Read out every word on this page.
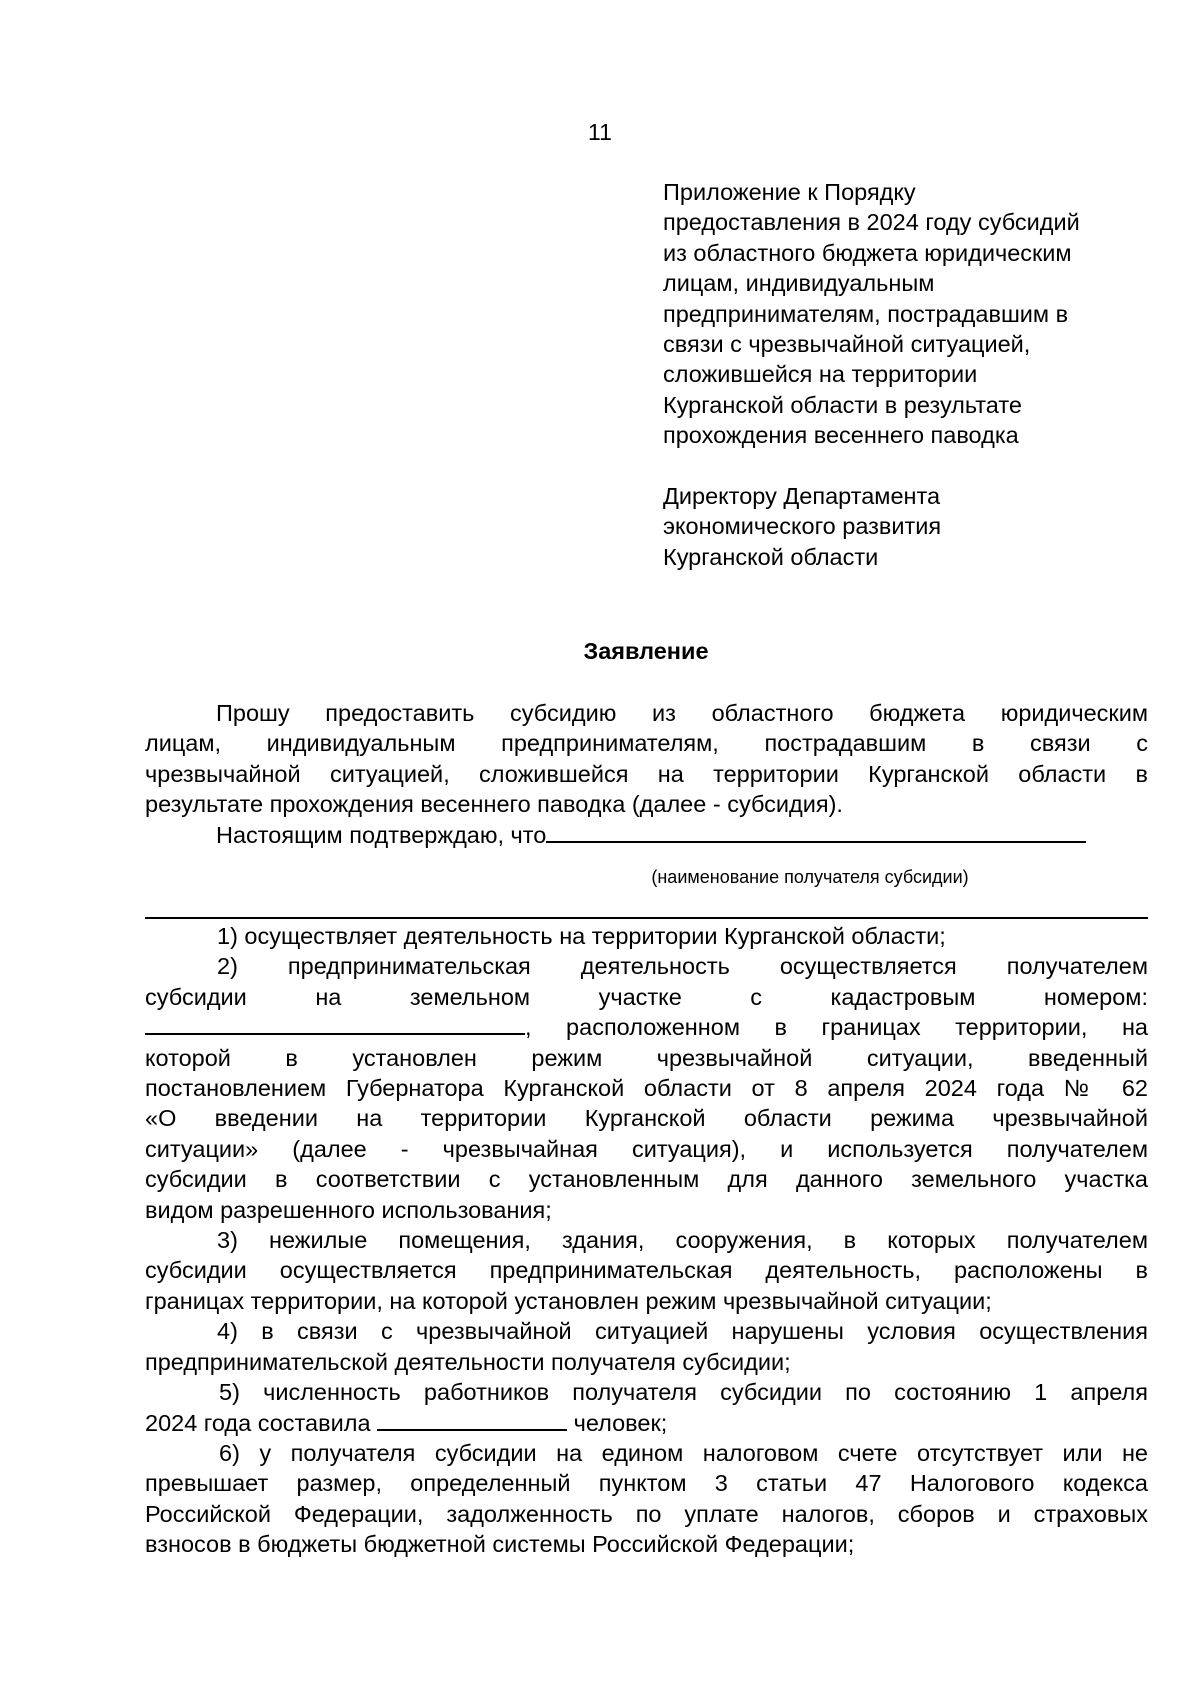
11
Приложение к Порядку
предоставления в 2024 году субсидий
из областного бюджета юридическим
лицам, индивидуальным
предпринимателям, пострадавшим в
связи с чрезвычайной ситуацией,
сложившейся на территории
Курганской области в результате
прохождения весеннего паводка
Директору Департамента
экономического развития
Курганской области
Заявление
Прошу предоставить субсидию из областного бюджета юридическим
лицам, индивидуальным предпринимателям, пострадавшим в связи с
чрезвычайной ситуацией, сложившейся на территории Курганской области в
результате прохождения весеннего паводка (далее - субсидия).
Настоящим подтверждаю, что
(наименование получателя субсидии)
1) осуществляет деятельность на территории Курганской области;
2) предпринимательская деятельность осуществляется получателем
субсидии на земельном участке с кадастровым номером:
, расположенном в границах территории, на
которой в установлен режим чрезвычайной ситуации, введенный
постановлением Губернатора Курганской области от 8 апреля 2024 года № 62
«О введении на территории Курганской области режима чрезвычайной
ситуации» (далее - чрезвычайная ситуация), и используется получателем
субсидии в соответствии с установленным для данного земельного участка
видом разрешенного использования;
3) нежилые помещения, здания, сооружения, в которых получателем
субсидии осуществляется предпринимательская деятельность, расположены в
границах территории, на которой установлен режим чрезвычайной ситуации;
4) в связи с чрезвычайной ситуацией нарушены условия осуществления
предпринимательской деятельности получателя субсидии;
5) численность работников получателя субсидии по состоянию 1 апреля
2024 года составила	человек;
6) у получателя субсидии на едином налоговом счете отсутствует или не
превышает размер, определенный пунктом 3 статьи 47 Налогового кодекса
Российской Федерации, задолженность по уплате налогов, сборов и страховых
взносов в бюджеты бюджетной системы Российской Федерации;
